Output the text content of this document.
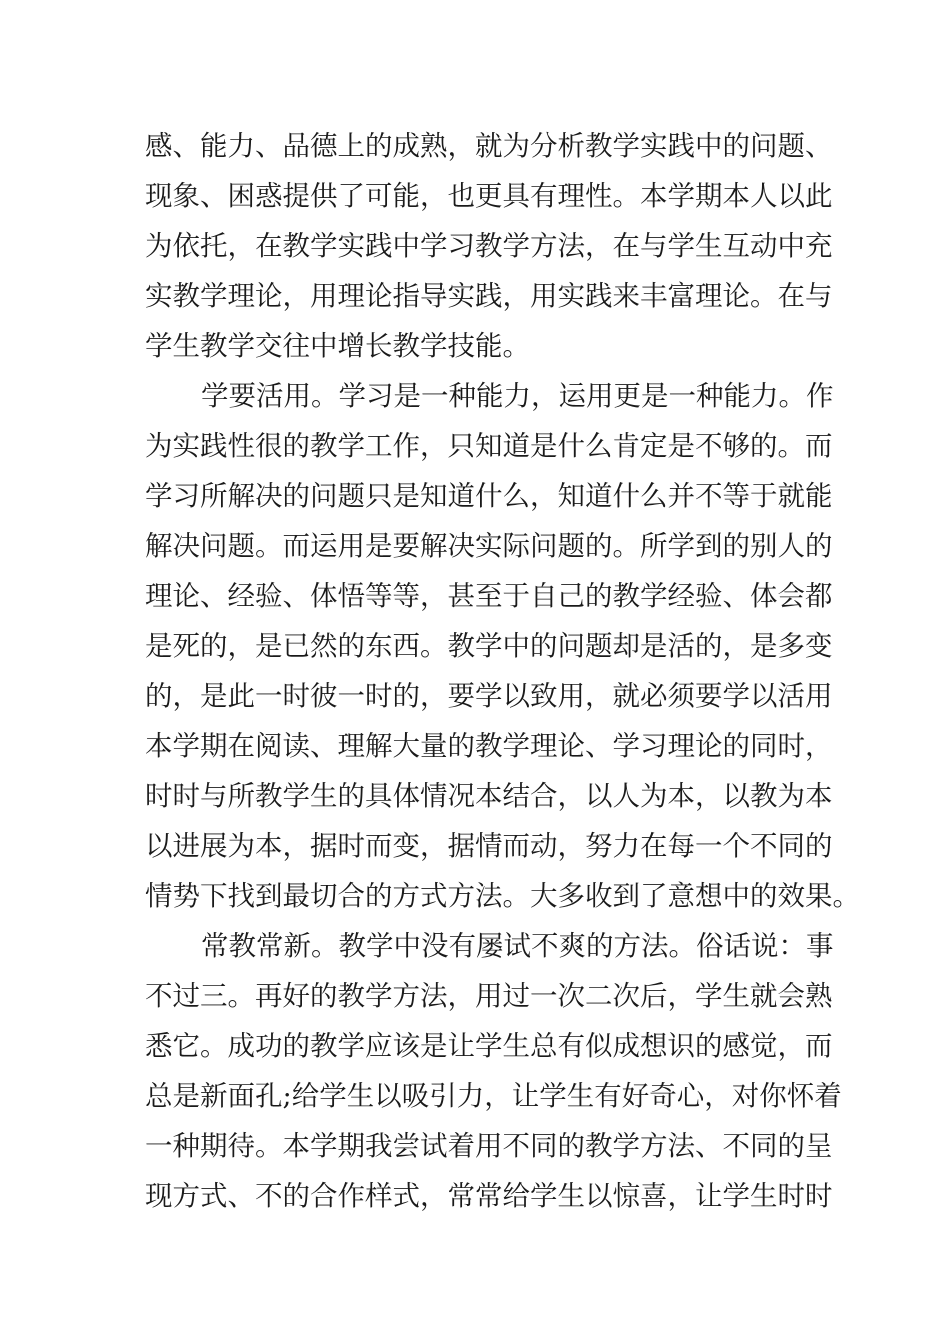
感、能力、品德上的成熟，就为分析教学实践中的问题、
现象、困惑提供了可能，也更具有理性。本学期本人以此
为依托，在教学实践中学习教学方法，在与学生互动中充
实教学理论，用理论指导实践，用实践来丰富理论。在与
学生教学交往中增长教学技能。
学要活用。学习是一种能力，运用更是一种能力。作
为实践性很的教学工作，只知道是什么肯定是不够的。而
学习所解决的问题只是知道什么，知道什么并不等于就能
解决问题。而运用是要解决实际问题的。所学到的别人的
理论、经验、体悟等等，甚至于自己的教学经验、体会都
是死的，是已然的东西。教学中的问题却是活的，是多变
的，是此一时彼一时的，要学以致用，就必须要学以活用
本学期在阅读、理解大量的教学理论、学习理论的同时，
时时与所教学生的具体情况本结合，以人为本，以教为本
以进展为本，据时而变，据情而动，努力在每一个不同的
情势下找到最切合的方式方法。大多收到了意想中的效果。
常教常新。教学中没有屡试不爽的方法。俗话说：事
不过三。再好的教学方法，用过一次二次后，学生就会熟
悉它。成功的教学应该是让学生总有似成想识的感觉，而
总是新面孔;给学生以吸引力，让学生有好奇心，对你怀着
一种期待。本学期我尝试着用不同的教学方法、不同的呈
现方式、不的合作样式，常常给学生以惊喜，让学生时时
